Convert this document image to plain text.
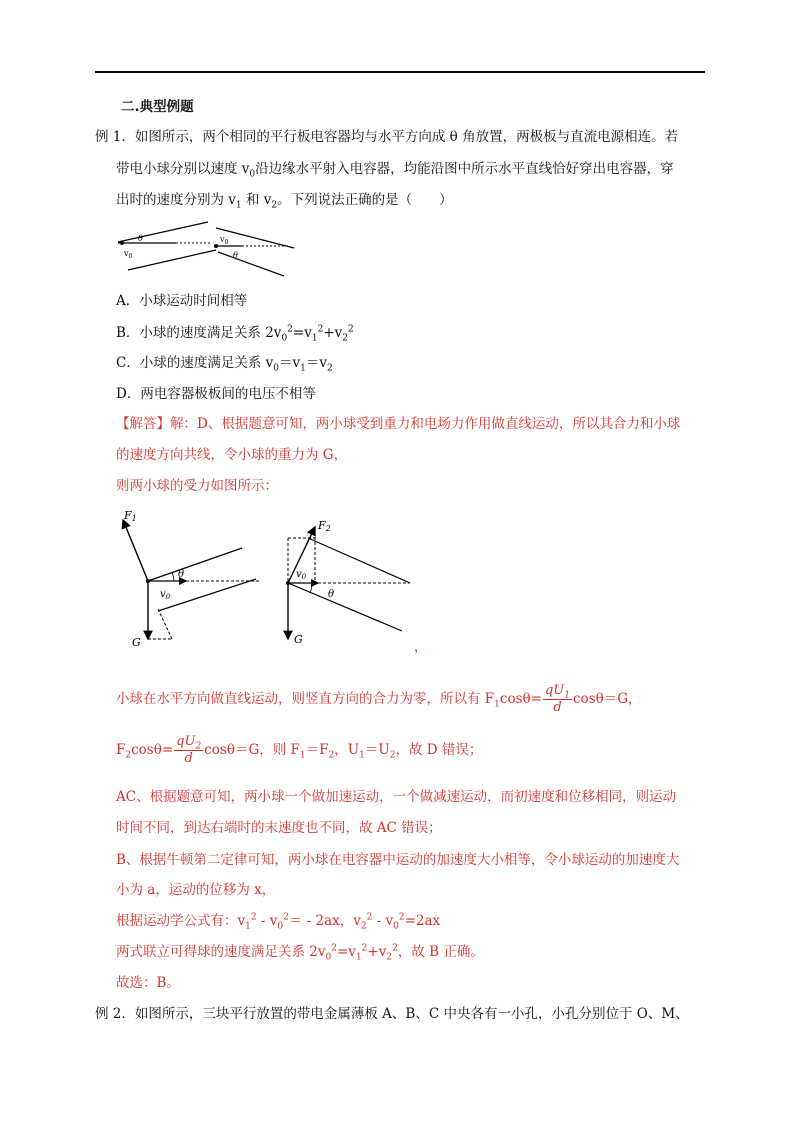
二.典型例题
例 1．如图所示，两个相同的平行板电容器均与水平方向成 θ 角放置，两极板与直流电源相连。若
带电小球分别以速度 $v_0$沿边缘水平射入电容器，均能沿图中所示水平直线恰好穿出电容器，穿
出时的速度分别为 $v_1$ 和 $v_2$。下列说法正确的是（　　）
θ
$v_0$
$v_0$
θ
A．小球运动时间相等
B．小球的速度满足关系 $2v_0^2=v_1^2+v_2^2$
C．小球的速度满足关系 $v_0=v_1=v_2$
D．两电容器极板间的电压不相等
【解答】解：D、根据题意可知，两小球受到重力和电场力作用做直线运动，所以其合力和小球
的速度方向共线，令小球的重力为 G，
则两小球的受力如图所示：
F1
θ
$v_0$
G
F2
$v_0$
θ
G	，
小球在水平方向做直线运动，则竖直方向的合力为零，所以有 $F_1\cos\theta= \frac{qU_1}{d} \cos\theta=G$，
$F_2\cos\theta= \frac{qU_2}{d} \cos\theta=G$，则 $F_1=F_2$，$U_1=U_2$，故 D 错误；
AC、根据题意可知，两小球一个做加速运动，一个做减速运动，而初速度和位移相同，则运动
时间不同，到达右端时的末速度也不同，故 AC 错误；
B、根据牛顿第二定律可知，两小球在电容器中运动的加速度大小相等，令小球运动的加速度大
小为 a，运动的位移为 x，
根据运动学公式有：$v_1^2 - v_0^2= - 2ax$，$v_2^2 - v_0^2=2ax$
两式联立可得球的速度满足关系 $2v_0^2=v_1^2+v_2^2$，故 B 正确。
故选：B。
例 2．如图所示，三块平行放置的带电金属薄板 A、B、C 中央各有一小孔，小孔分别位于 O、M、
